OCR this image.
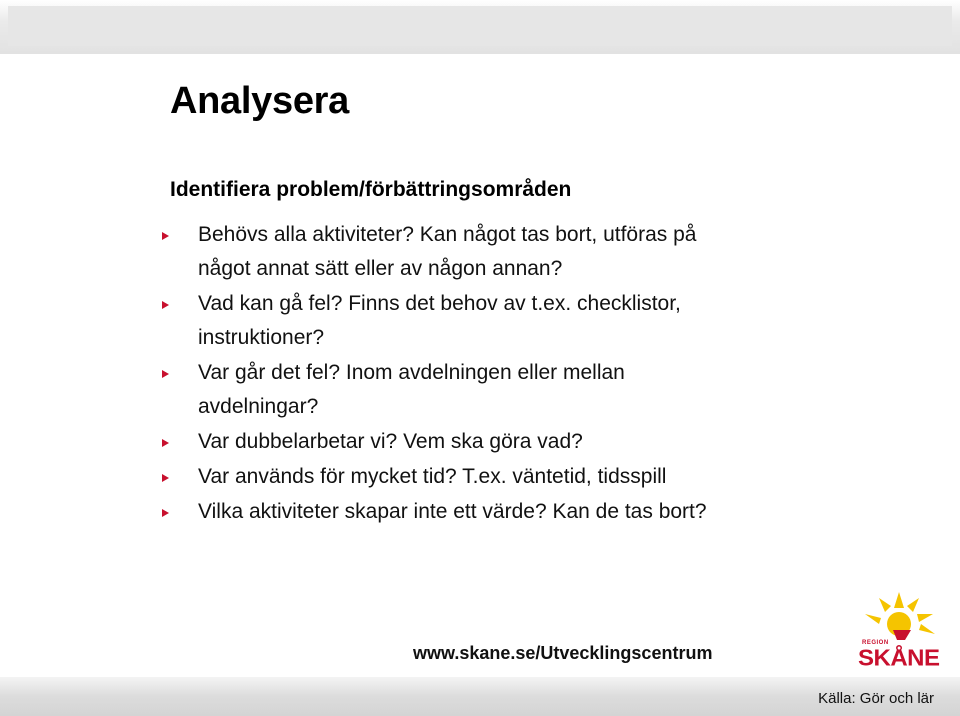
Analysera
Identifiera problem/förbättringsområden
Behövs alla aktiviteter? Kan något tas bort, utföras på
något annat sätt eller av någon annan?
Vad kan gå fel? Finns det behov av t.ex. checklistor,
instruktioner?
Var går det fel? Inom avdelningen eller mellan
avdelningar?
Var dubbelarbetar vi? Vem ska göra vad?
Var används för mycket tid? T.ex. väntetid, tidsspill
Vilka aktiviteter skapar inte ett värde? Kan de tas bort?
www.skane.se/Utvecklingscentrum	REGION
SKÅNE
Källa: Gör och lär
